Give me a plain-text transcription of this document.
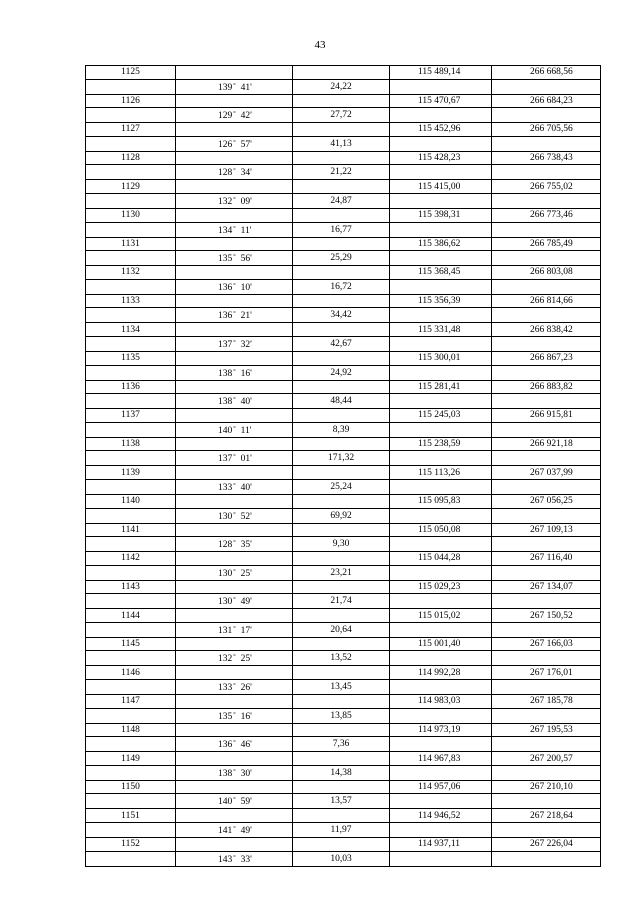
43
1125			115 489,14	266 668,56
	139° 41'	24,22		
1126			115 470,67	266 684,23
	129° 42'	27,72		
1127			115 452,96	266 705,56
	126° 57'	41,13		
1128			115 428,23	266 738,43
	128° 34'	21,22		
1129			115 415,00	266 755,02
	132° 09'	24,87		
1130			115 398,31	266 773,46
	134° 11'	16,77		
1131			115 386,62	266 785,49
	135° 56'	25,29		
1132			115 368,45	266 803,08
	136° 10'	16,72		
1133			115 356,39	266 814,66
	136° 21'	34,42		
1134			115 331,48	266 838,42
	137° 32'	42,67		
1135			115 300,01	266 867,23
	138° 16'	24,92		
1136			115 281,41	266 883,82
	138° 40'	48,44		
1137			115 245,03	266 915,81
	140° 11'	8,39		
1138			115 238,59	266 921,18
	137° 01'	171,32		
1139			115 113,26	267 037,99
	133° 40'	25,24		
1140			115 095,83	267 056,25
	130° 52'	69,92		
1141			115 050,08	267 109,13
	128° 35'	9,30		
1142			115 044,28	267 116,40
	130° 25'	23,21		
1143			115 029,23	267 134,07
	130° 49'	21,74		
1144			115 015,02	267 150,52
	131° 17'	20,64		
1145			115 001,40	267 166,03
	132° 25'	13,52		
1146			114 992,28	267 176,01
	133° 26'	13,45		
1147			114 983,03	267 185,78
	135° 16'	13,85		
1148			114 973,19	267 195,53
	136° 46'	7,36		
1149			114 967,83	267 200,57
	138° 30'	14,38		
1150			114 957,06	267 210,10
	140° 59'	13,57		
1151			114 946,52	267 218,64
	141° 49'	11,97		
1152			114 937,11	267 226,04
	143° 33'	10,03		
